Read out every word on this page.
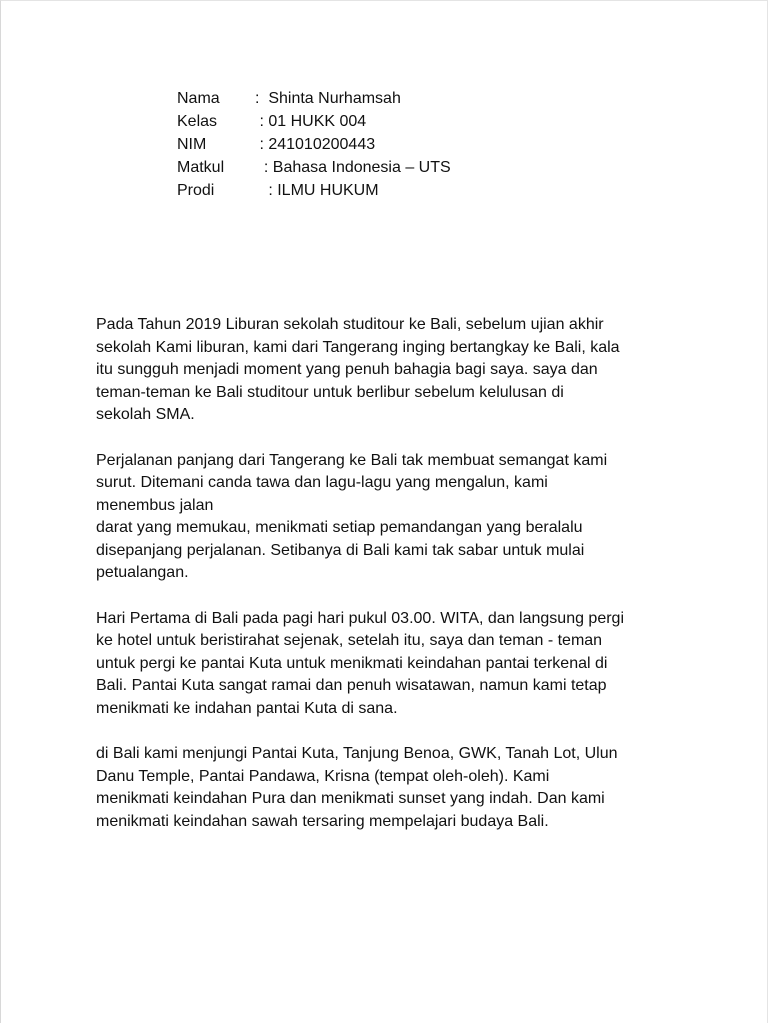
Nama	:  Shinta Nurhamsah
Kelas	: 01 HUKK 004
NIM	: 241010200443
Matkul	: Bahasa Indonesia – UTS
Prodi	: ILMU HUKUM

Pada Tahun 2019 Liburan sekolah studitour ke Bali, sebelum ujian akhir
sekolah Kami liburan, kami dari Tangerang inging bertangkay ke Bali, kala
itu sungguh menjadi moment yang penuh bahagia bagi saya. saya dan
teman-teman ke Bali studitour untuk berlibur sebelum kelulusan di
sekolah SMA.

Perjalanan panjang dari Tangerang ke Bali tak membuat semangat kami
surut. Ditemani canda tawa dan lagu-lagu yang mengalun, kami
menembus jalan
darat yang memukau, menikmati setiap pemandangan yang beralalu
disepanjang perjalanan. Setibanya di Bali kami tak sabar untuk mulai
petualangan.

Hari Pertama di Bali pada pagi hari pukul 03.00. WITA, dan langsung pergi
ke hotel untuk beristirahat sejenak, setelah itu, saya dan teman - teman
untuk pergi ke pantai Kuta untuk menikmati keindahan pantai terkenal di
Bali. Pantai Kuta sangat ramai dan penuh wisatawan, namun kami tetap
menikmati ke indahan pantai Kuta di sana.

di Bali kami menjungi Pantai Kuta, Tanjung Benoa, GWK, Tanah Lot, Ulun
Danu Temple, Pantai Pandawa, Krisna (tempat oleh-oleh). Kami
menikmati keindahan Pura dan menikmati sunset yang indah. Dan kami
menikmati keindahan sawah tersaring mempelajari budaya Bali.
